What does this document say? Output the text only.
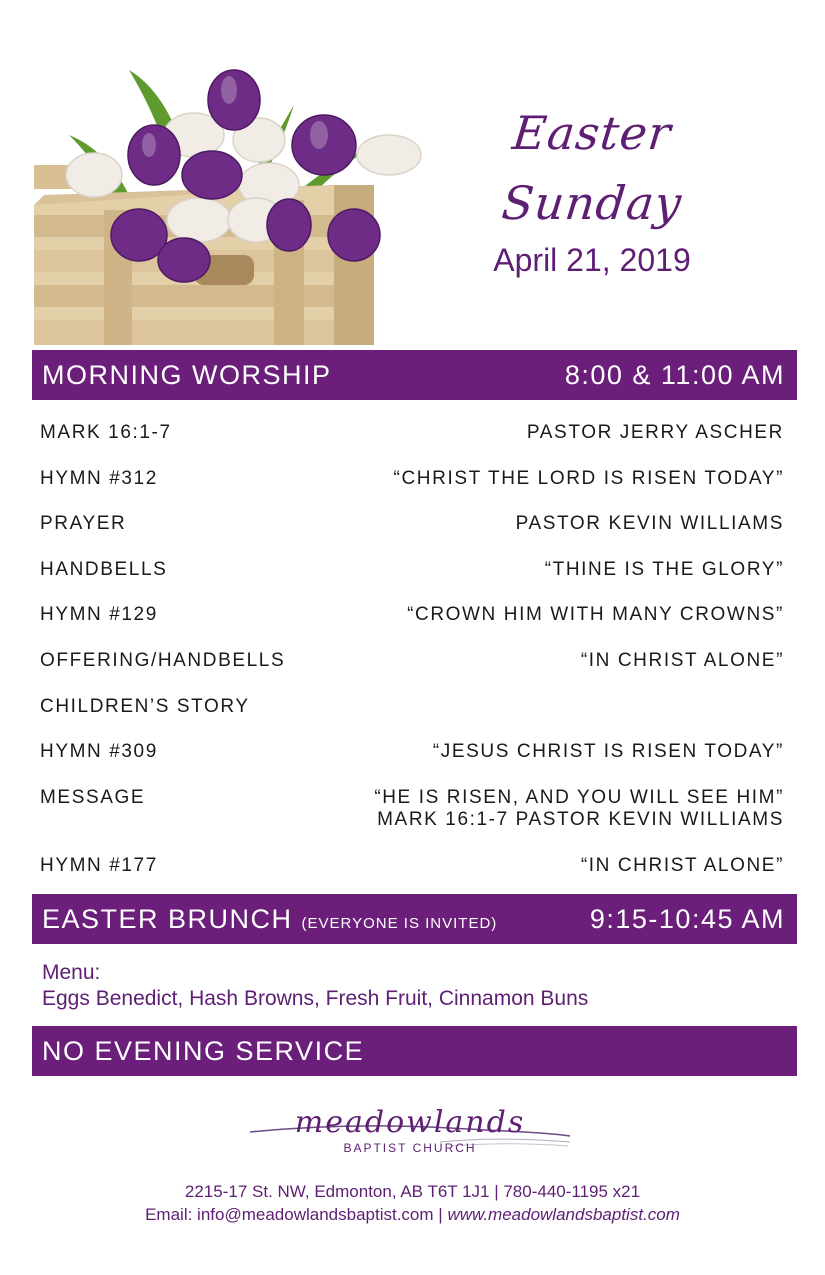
Easter
Sunday
April 21, 2019
MORNING WORSHIP	8:00 & 11:00 AM
MARK 16:1-7	PASTOR JERRY ASCHER
HYMN #312	“CHRIST THE LORD IS RISEN TODAY”
PRAYER	PASTOR KEVIN WILLIAMS
HANDBELLS	“THINE IS THE GLORY”
HYMN #129	“CROWN HIM WITH MANY CROWNS”
OFFERING/HANDBELLS	“IN CHRIST ALONE”
CHILDREN’S STORY
HYMN #309	“JESUS CHRIST IS RISEN TODAY”
MESSAGE	“HE IS RISEN, AND YOU WILL SEE HIM”
MARK 16:1-7 PASTOR KEVIN WILLIAMS
HYMN #177	“IN CHRIST ALONE”
EASTER BRUNCH (EVERYONE IS INVITED)	9:15-10:45 AM
Menu:
Eggs Benedict, Hash Browns, Fresh Fruit, Cinnamon Buns
NO EVENING SERVICE
meadowlands
BAPTIST CHURCH
2215-17 St. NW, Edmonton, AB T6T 1J1 | 780-440-1195 x21
Email: info@meadowlandsbaptist.com | www.meadowlandsbaptist.com
